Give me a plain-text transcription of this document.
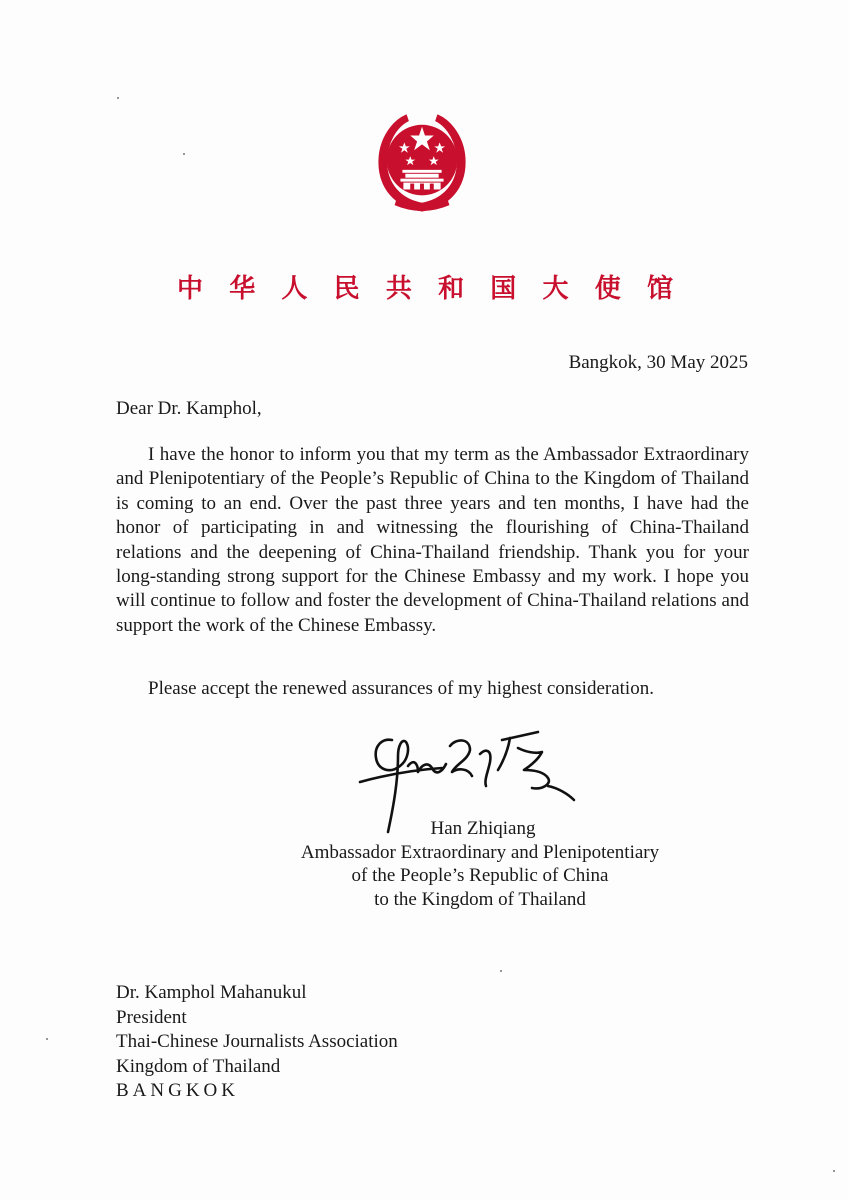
中 华 人 民 共 和 国 大 使 馆
Bangkok, 30 May 2025
Dear Dr. Kamphol,

I have the honor to inform you that my term as the Ambassador Extraordinary and Plenipotentiary of the People’s Republic of China to the Kingdom of Thailand is coming to an end. Over the past three years and ten months, I have had the honor of participating in and witnessing the flourishing of China-Thailand relations and the deepening of China-Thailand friendship. Thank you for your long-standing strong support for the Chinese Embassy and my work. I hope you will continue to follow and foster the development of China-Thailand relations and support the work of the Chinese Embassy.

Please accept the renewed assurances of my highest consideration.
Han Zhiqiang
Ambassador Extraordinary and Plenipotentiary
of the People’s Republic of China
to the Kingdom of Thailand
Dr. Kamphol Mahanukul
President
Thai-Chinese Journalists Association
Kingdom of Thailand
BANGKOK
